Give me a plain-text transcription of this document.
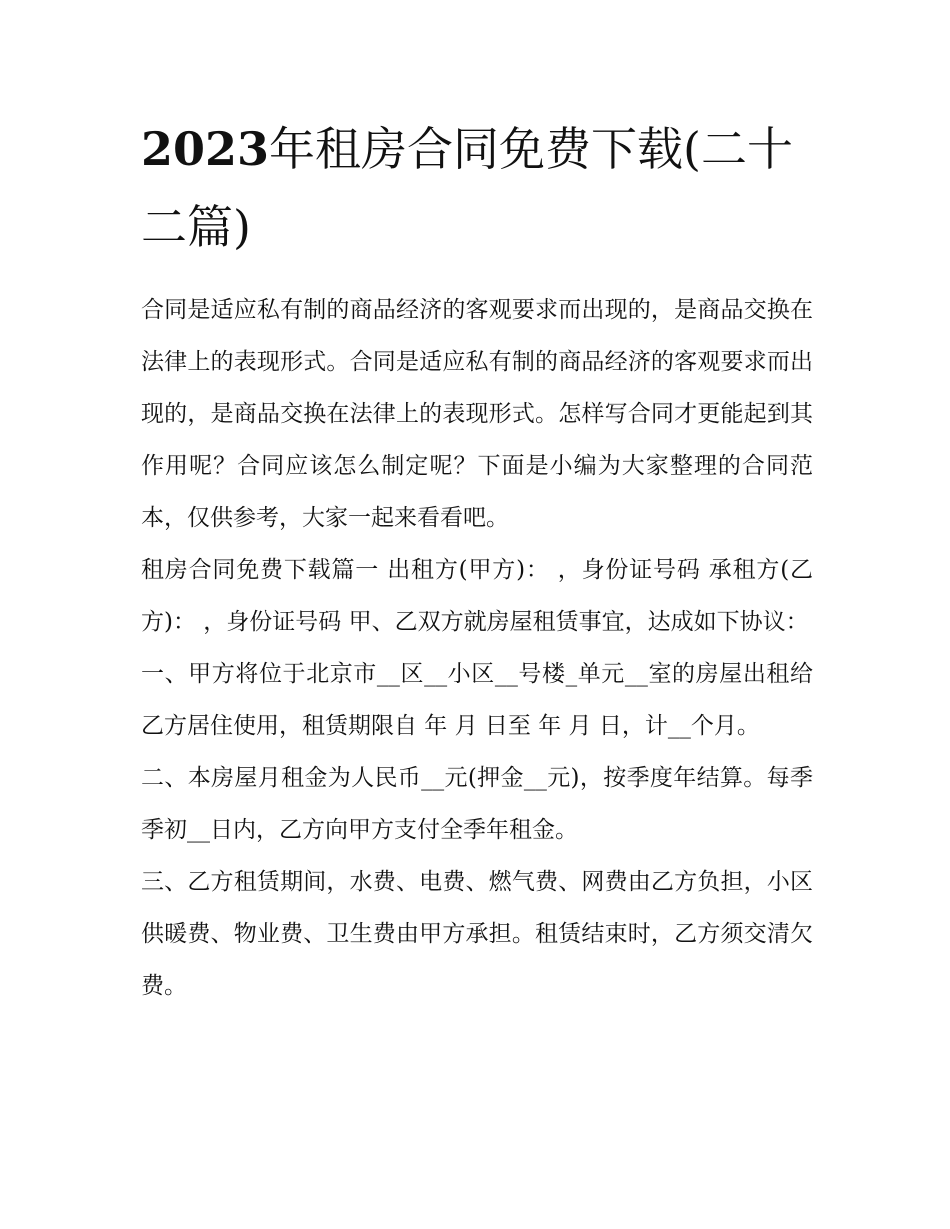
2023年租房合同免费下载(二十二篇)

合同是适应私有制的商品经济的客观要求而出现的，是商品交换在法律上的表现形式。合同是适应私有制的商品经济的客观要求而出现的，是商品交换在法律上的表现形式。怎样写合同才更能起到其作用呢？合同应该怎么制定呢？下面是小编为大家整理的合同范本，仅供参考，大家一起来看看吧。

租房合同免费下载篇一 出租方(甲方)： ，身份证号码 承租方(乙方)： ，身份证号码 甲、乙双方就房屋租赁事宜，达成如下协议：

一、甲方将位于北京市__区__小区__号楼_单元__室的房屋出租给乙方居住使用，租赁期限自 年 月 日至 年 月 日，计__个月。

二、本房屋月租金为人民币__元(押金__元)，按季度年结算。每季季初__日内，乙方向甲方支付全季年租金。

三、乙方租赁期间，水费、电费、燃气费、网费由乙方负担，小区供暖费、物业费、卫生费由甲方承担。租赁结束时，乙方须交清欠费。
